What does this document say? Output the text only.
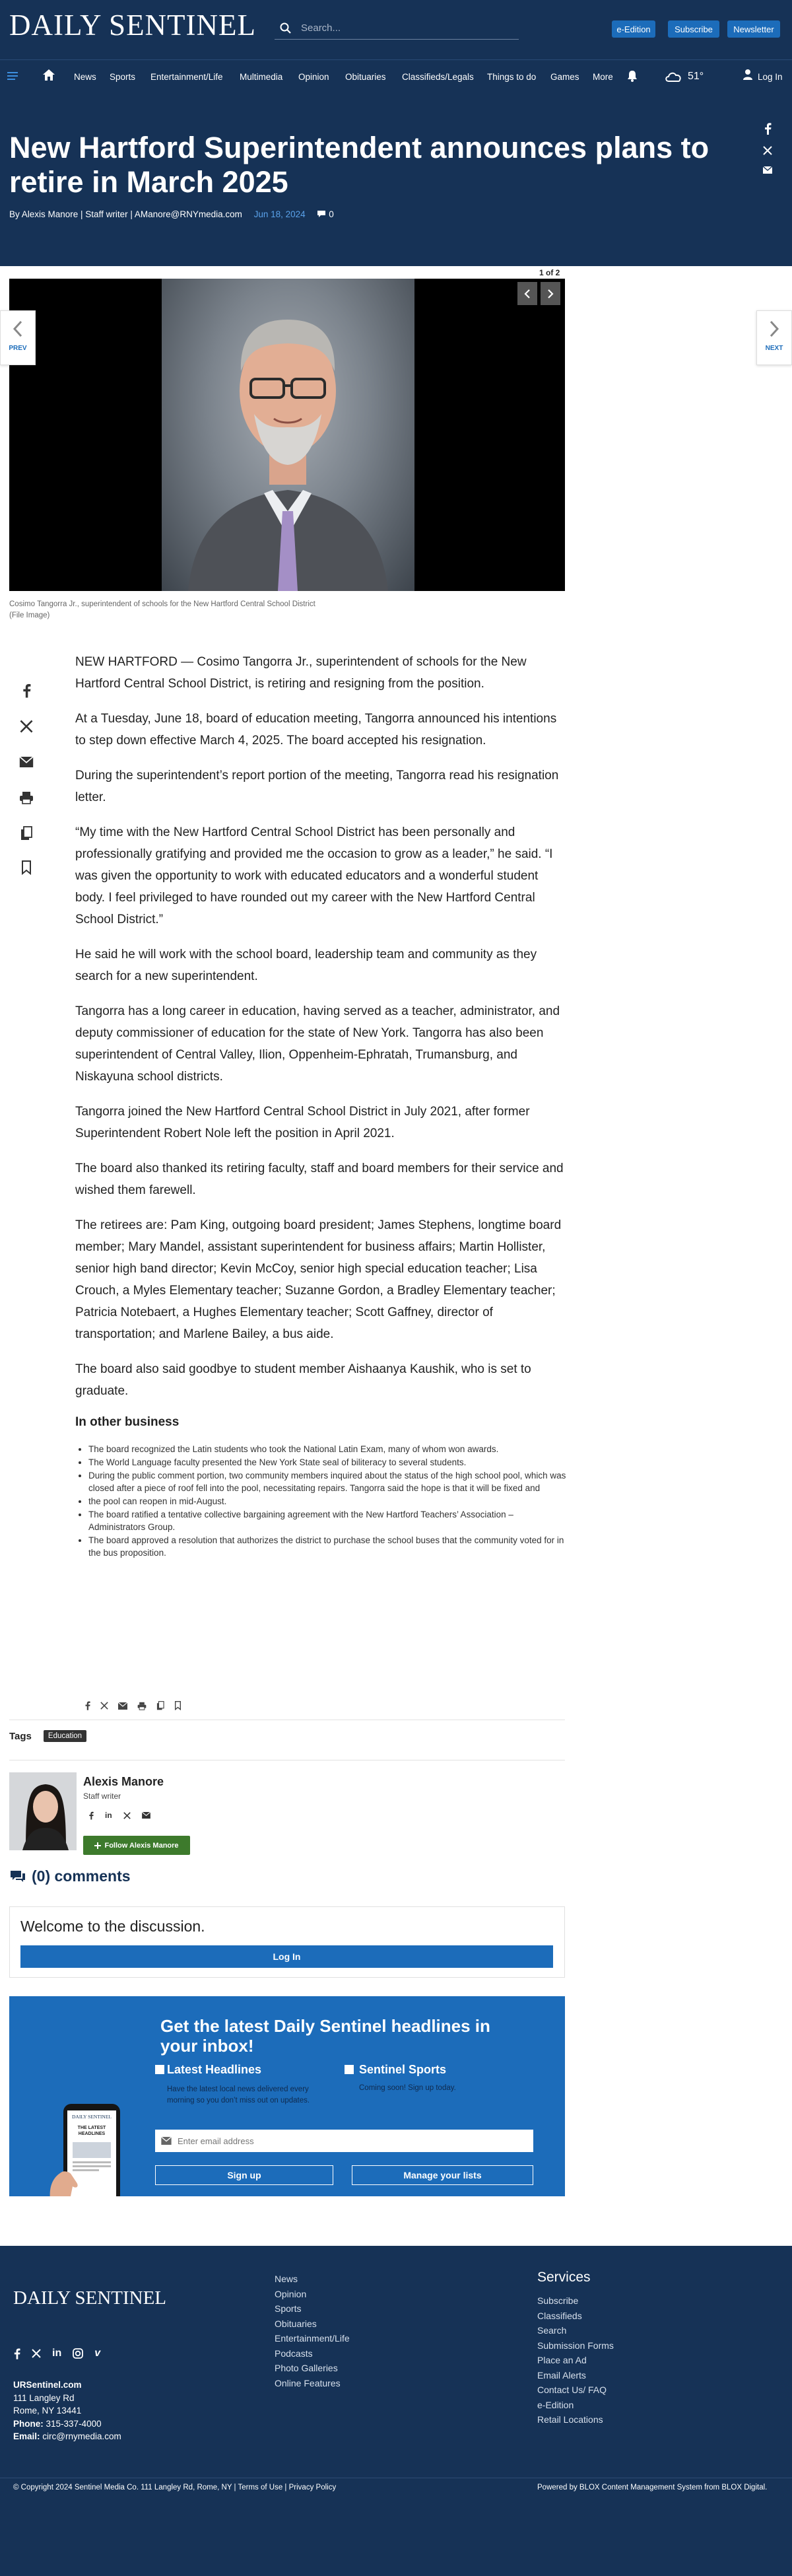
DAILY SENTINEL
Search...	e-Edition	Subscribe	Newsletter
News Sports Entertainment/Life Multimedia Opinion Obituaries Classifieds/Legals Things to do Games More	51°	Log In
New Hartford Superintendent announces plans to retire in March 2025
By Alexis Manore | Staff writer | AManore@RNYmedia.com Jun 18, 2024	0
1 of 2
PREV	NEXT
Cosimo Tangorra Jr., superintendent of schools for the New Hartford Central School District
(File Image)

NEW HARTFORD — Cosimo Tangorra Jr., superintendent of schools for the New Hartford Central School District, is retiring and resigning from the position.

At a Tuesday, June 18, board of education meeting, Tangorra announced his intentions to step down effective March 4, 2025. The board accepted his resignation.

During the superintendent’s report portion of the meeting, Tangorra read his resignation letter.

“My time with the New Hartford Central School District has been personally and professionally gratifying and provided me the occasion to grow as a leader,” he said. “I was given the opportunity to work with educated educators and a wonderful student body. I feel privileged to have rounded out my career with the New Hartford Central School District.”

He said he will work with the school board, leadership team and community as they search for a new superintendent.

Tangorra has a long career in education, having served as a teacher, administrator, and deputy commissioner of education for the state of New York. Tangorra has also been superintendent of Central Valley, Ilion, Oppenheim-Ephratah, Trumansburg, and Niskayuna school districts.

Tangorra joined the New Hartford Central School District in July 2021, after former Superintendent Robert Nole left the position in April 2021.

The board also thanked its retiring faculty, staff and board members for their service and wished them farewell.

The retirees are: Pam King, outgoing board president; James Stephens, longtime board member; Mary Mandel, assistant superintendent for business affairs; Martin Hollister, senior high band director; Kevin McCoy, senior high special education teacher; Lisa Crouch, a Myles Elementary teacher; Suzanne Gordon, a Bradley Elementary teacher; Patricia Notebaert, a Hughes Elementary teacher; Scott Gaffney, director of transportation; and Marlene Bailey, a bus aide.

The board also said goodbye to student member Aishaanya Kaushik, who is set to graduate.

In other business
• The board recognized the Latin students who took the National Latin Exam, many of whom won awards.
• The World Language faculty presented the New York State seal of biliteracy to several students.
• During the public comment portion, two community members inquired about the status of the high school pool, which was closed after a piece of roof fell into the pool, necessitating repairs. Tangorra said the hope is that it will be fixed and
• the pool can reopen in mid-August.
• The board ratified a tentative collective bargaining agreement with the New Hartford Teachers’ Association – Administrators Group.
• The board approved a resolution that authorizes the district to purchase the school buses that the community voted for in the bus proposition.
Tags	Education
Alexis Manore
Staff writer
in
Follow Alexis Manore
(0) comments
Welcome to the discussion.
Log In
Get the latest Daily Sentinel headlines in your inbox!
Latest Headlines
Have the latest local news delivered every morning so you don’t miss out on updates.
Sentinel Sports
Coming soon! Sign up today.
Enter email address
Sign up	Manage your lists
DAILY SENTINEL
THE LATEST HEADLINES
DAILY SENTINEL
in	v
URSentinel.com
111 Langley Rd
Rome, NY 13441
Phone: 315-337-4000
Email: circ@rnymedia.com
News
Opinion
Sports
Obituaries
Entertainment/Life
Podcasts
Photo Galleries
Online Features
Services
Subscribe
Classifieds
Search
Submission Forms
Place an Ad
Email Alerts
Contact Us/ FAQ
e-Edition
Retail Locations
© Copyright 2024 Sentinel Media Co. 111 Langley Rd, Rome, NY | Terms of Use | Privacy Policy	Powered by BLOX Content Management System from BLOX Digital.
